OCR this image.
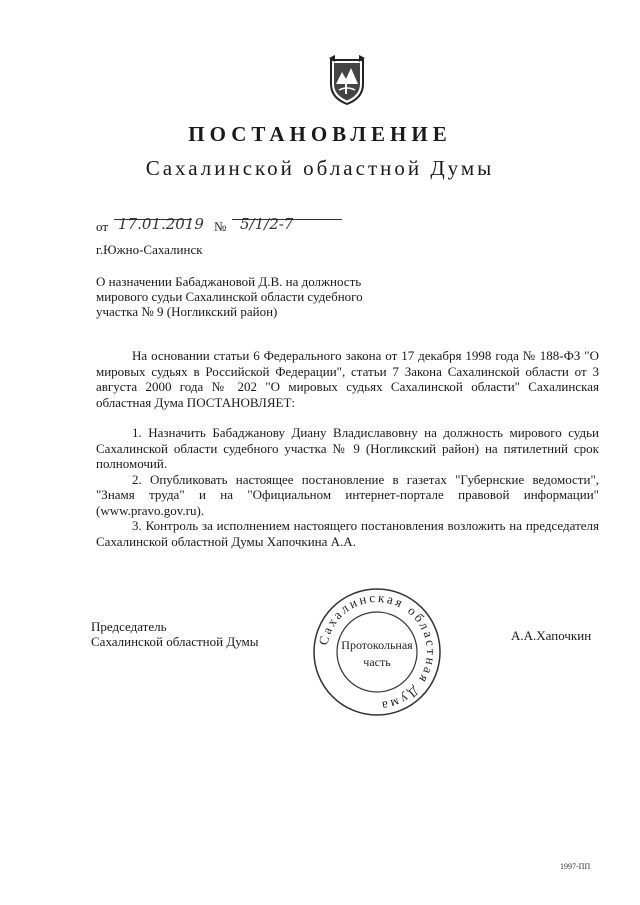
ПОСТАНОВЛЕНИЕ
Сахалинской областной Думы
от 17.01.2019 № 5/1/2-7
г.Южно-Сахалинск
О назначении Бабаджановой Д.В. на должность
мирового судьи Сахалинской области судебного
участка № 9 (Ногликский район)

На основании статьи 6 Федерального закона от 17 декабря 1998 года № 188-ФЗ "О мировых судьях в Российской Федерации", статьи 7 Закона Сахалинской области от 3 августа 2000 года № 202 "О мировых судьях Сахалинской области" Сахалинская областная Дума ПОСТАНОВЛЯЕТ:

1. Назначить Бабаджанову Диану Владиславовну на должность мирового судьи Сахалинской области судебного участка № 9 (Ногликский район) на пятилетний срок полномочий.

2. Опубликовать настоящее постановление в газетах "Губернские ведомости", "Знамя труда" и на "Официальном интернет-портале правовой информации" (www.pravo.gov.ru).

3. Контроль за исполнением настоящего постановления возложить на председателя Сахалинской областной Думы Хапочкина А.А.

Председатель
Сахалинской областной Думы	Сахалинская областная Дума
Протокольная
часть
А.А.Хапочкин
1997-ПП
